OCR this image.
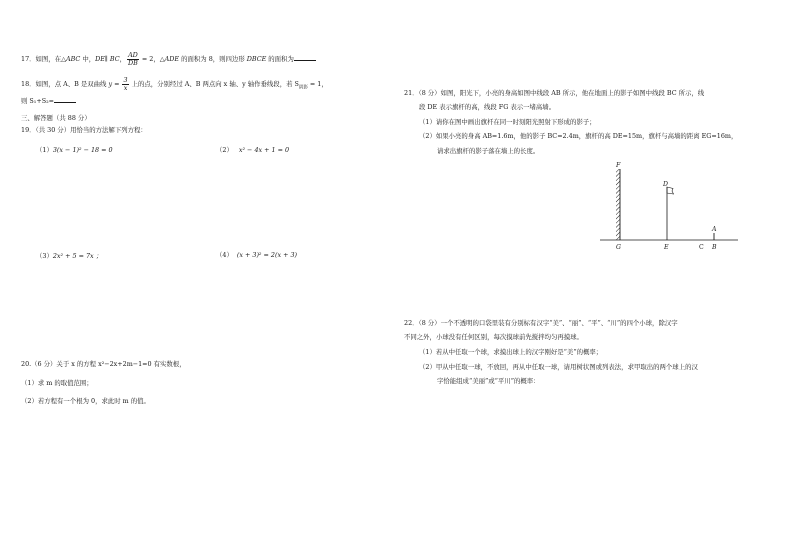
17．如图，在△ABC 中，DE∥ BC， $\frac{AD}{DB} = 2$，△ADE 的面积为 8，则四边形 DBCE 的面积为
18．如图，点 A、B 是双曲线 $y = \frac{3}{x}$ 上的点，分别经过 A、B 两点向 x 轴、y 轴作垂线段，若 $S_{阴影} = 1$，
则 S₁+S₂=
三、解答题（共 88 分）
19．（共 30 分）用恰当的方法解下列方程：
（1）3(x − 1)² − 18 = 0	（2） x² − 4x + 1 = 0
（3）2x² + 5 = 7x ；	（4） (x + 3)² = 2(x + 3)
20.（6 分）关于 x 的方程 x²−2x+2m−1=0 有实数根，
（1）求 m 的取值范围；
（2）若方程有一个根为 0，求此时 m 的值。
21．（8 分）如图，阳光下，小亮的身高如图中线段 AB 所示，他在地面上的影子如图中线段 BC 所示，线
段 DE 表示旗杆的高，线段 FG 表示一堵高墙。
（1）请你在图中画出旗杆在同一时刻阳光照射下形成的影子；
（2）如果小亮的身高 AB=1.6m，他的影子 BC=2.4m，旗杆的高 DE=15m，旗杆与高墙的距离 EG=16m，
请求出旗杆的影子落在墙上的长度。
F
G
D
E
A
C B
22．（8 分）一个不透明的口袋里装有分别标有汉字“美”、“丽”、“平”、“川”的四个小球，除汉字
不同之外，小球没有任何区别，每次摸球前先搅拌均匀再摸球。
（1）若从中任取一个球，求摸出球上的汉字刚好是“美”的概率；
（2）甲从中任取一球，不放回，再从中任取一球，请用树状图或列表法，求甲取出的两个球上的汉
字恰能组成“美丽”或“平川”的概率：
